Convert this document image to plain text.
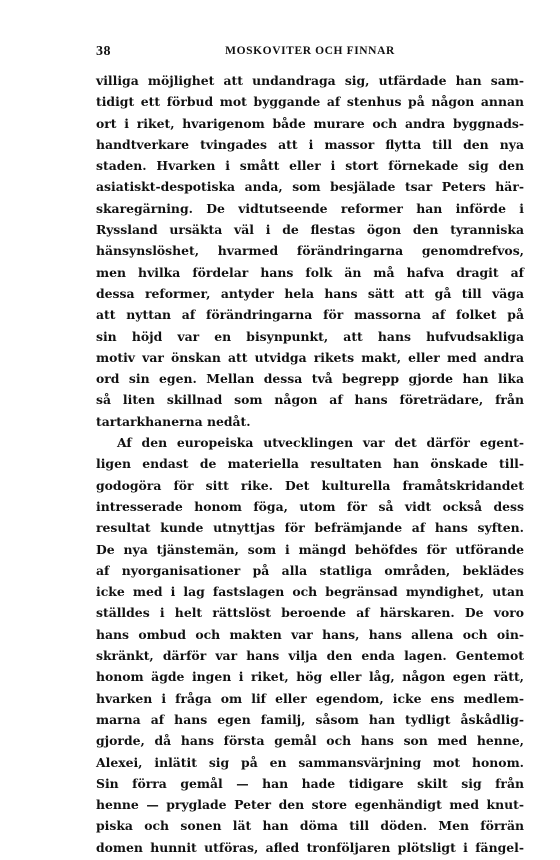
38	MOSKOVITER OCH FINNAR
villiga möjlighet att undandraga sig, utfärdade han sam-
tidigt ett förbud mot byggande af stenhus på någon annan
ort i riket, hvarigenom både murare och andra byggnads-
handtverkare tvingades att i massor flytta till den nya
staden. Hvarken i smått eller i stort förnekade sig den
asiatiskt-despotiska anda, som besjälade tsar Peters här-
skaregärning. De vidtutseende reformer han införde i
Ryssland ursäkta väl i de flestas ögon den tyranniska
hänsynslöshet, hvarmed förändringarna genomdrefvos,
men hvilka fördelar hans folk än må hafva dragit af
dessa reformer, antyder hela hans sätt att gå till väga
att nyttan af förändringarna för massorna af folket på
sin höjd var en bisynpunkt, att hans hufvudsakliga
motiv var önskan att utvidga rikets makt, eller med andra
ord sin egen. Mellan dessa två begrepp gjorde han lika
så liten skillnad som någon af hans företrädare, från
tartarkhanerna nedåt.
Af den europeiska utvecklingen var det därför egent-
ligen endast de materiella resultaten han önskade till-
godogöra för sitt rike. Det kulturella framåtskridandet
intresserade honom föga, utom för så vidt också dess
resultat kunde utnyttjas för befrämjande af hans syften.
De nya tjänstemän, som i mängd behöfdes för utförande
af nyorganisationer på alla statliga områden, beklädes
icke med i lag fastslagen och begränsad myndighet, utan
ställdes i helt rättslöst beroende af härskaren. De voro
hans ombud och makten var hans, hans allena och oin-
skränkt, därför var hans vilja den enda lagen. Gentemot
honom ägde ingen i riket, hög eller låg, någon egen rätt,
hvarken i fråga om lif eller egendom, icke ens medlem-
marna af hans egen familj, såsom han tydligt åskådlig-
gjorde, då hans första gemål och hans son med henne,
Alexei, inlätit sig på en sammansvärjning mot honom.
Sin förra gemål — han hade tidigare skilt sig från
henne — pryglade Peter den store egenhändigt med knut-
piska och sonen lät han döma till döden. Men förrän
domen hunnit utföras, afled tronföljaren plötsligt i fängel-
